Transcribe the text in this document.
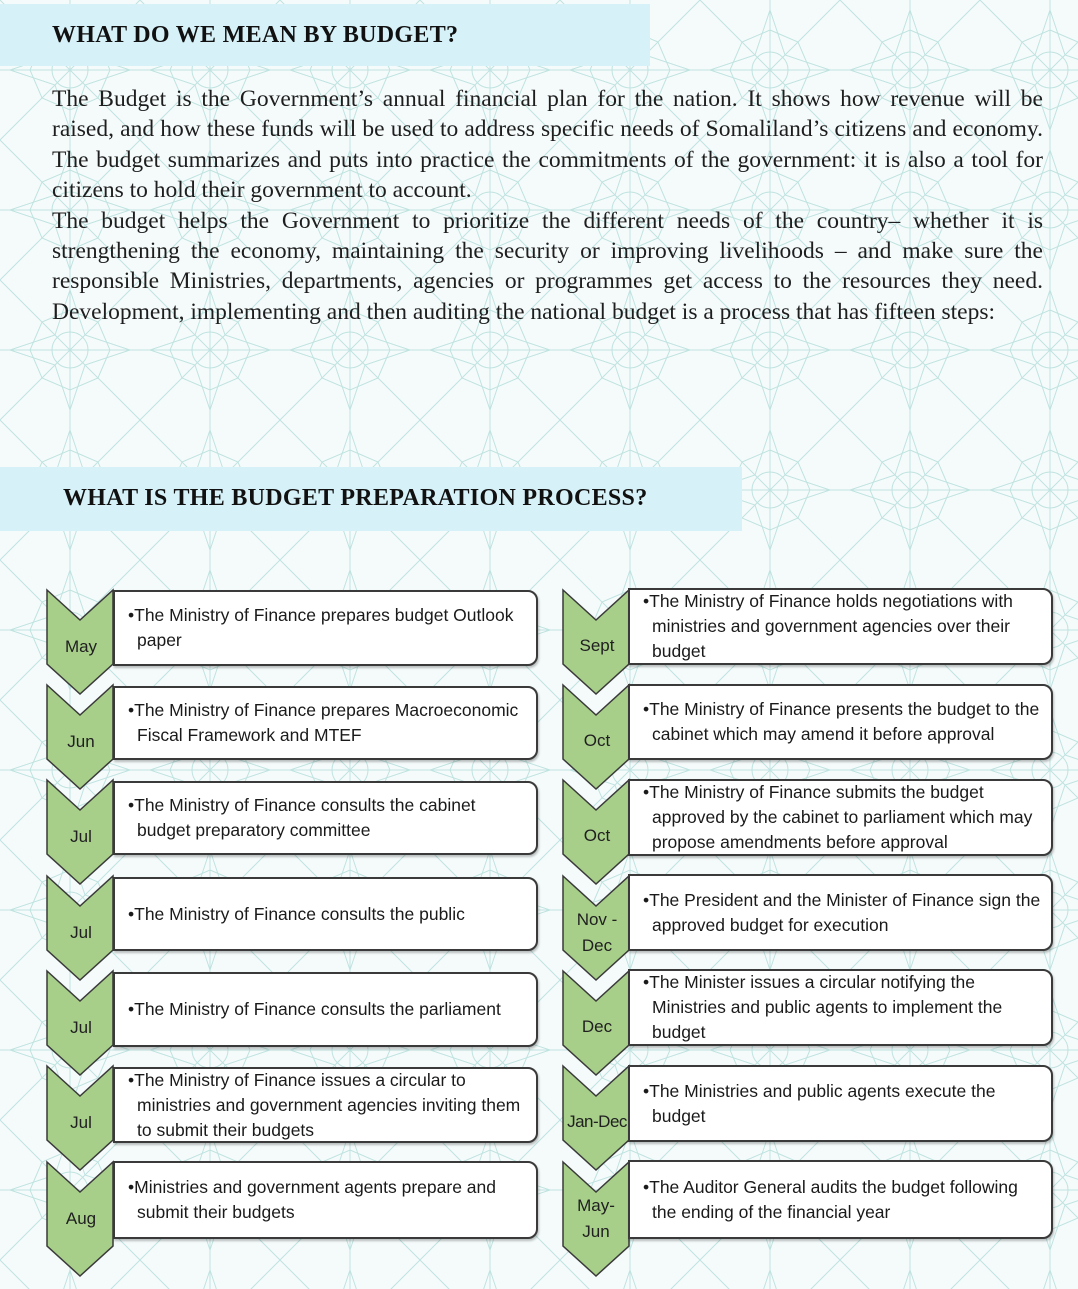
WHAT DO WE MEAN BY BUDGET?

The Budget is the Government’s annual financial plan for the nation. It shows how revenue will be raised, and how these funds will be used to address specific needs of Somaliland’s citizens and economy. The budget summarizes and puts into practice the commitments of the government: it is also a tool for citizens to hold their government to account.

The budget helps the Government to prioritize the different needs of the country– whether it is strengthening the economy, maintaining the security or improving livelihoods – and make sure the responsible Ministries, departments, agencies or programmes get access to the resources they need. Development, implementing and then auditing the national budget is a process that has fifteen steps:

WHAT IS THE BUDGET PREPARATION PROCESS?
May
•The Ministry of Finance prepares budget Outlook paper
Jun
•The Ministry of Finance prepares Macroeconomic Fiscal Framework and MTEF
Jul
•The Ministry of Finance consults the cabinet budget preparatory committee
Jul
•The Ministry of Finance consults the public
Jul
•The Ministry of Finance consults the parliament
Jul
•The Ministry of Finance issues a circular to ministries and government agencies inviting them to submit their budgets
Aug
•Ministries and government agents prepare and submit their budgets
Sept
•The Ministry of Finance holds negotiations with ministries and government agencies over their budget
Oct
•The Ministry of Finance presents the budget to the cabinet which may amend it before approval
Oct
•The Ministry of Finance submits the budget approved by the cabinet to parliament which may propose amendments before approval
Nov - Dec
•The President and the Minister of Finance sign the approved budget for execution
Dec
•The Minister issues a circular notifying the Ministries and public agents to implement the budget
Jan-Dec
•The Ministries and public agents execute the budget
May-Jun
•The Auditor General audits the budget following the ending of the financial year
